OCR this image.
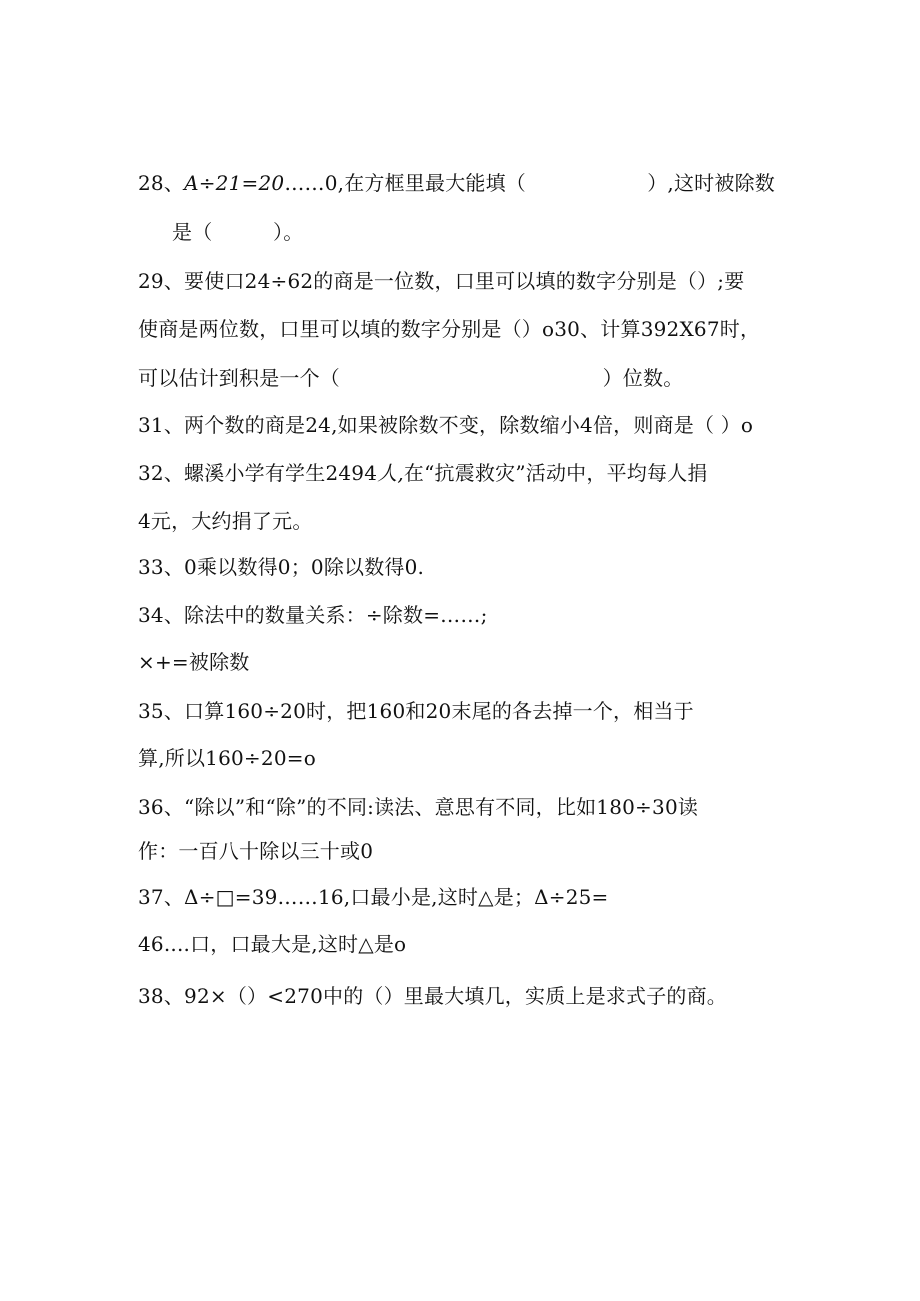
28、A÷21=20……0,在方框里最大能填（　　　　　　）,这时被除数
是（　　　）。
29、要使口24÷62的商是一位数，口里可以填的数字分别是（）;要
使商是两位数，口里可以填的数字分别是（）o30、计算392X67时，
可以估计到积是一个（　　　　　　　　　　　　　）位数。
31、两个数的商是24,如果被除数不变，除数缩小4倍，则商是（ ）o
32、螺溪小学有学生2494人,在“抗震救灾”活动中，平均每人捐
4元，大约捐了元。
33、0乘以数得0；0除以数得0.
34、除法中的数量关系：÷除数=……;
×+=被除数
35、口算160÷20时，把160和20末尾的各去掉一个，相当于
算,所以160÷20=o
36、“除以”和“除”的不同:读法、意思有不同，比如180÷30读
作：一百八十除以三十或0
37、Δ÷□=39……16,口最小是,这时△是；Δ÷25=
46....口，口最大是,这时△是o
38、92×（）<270中的（）里最大填几，实质上是求式子的商。
